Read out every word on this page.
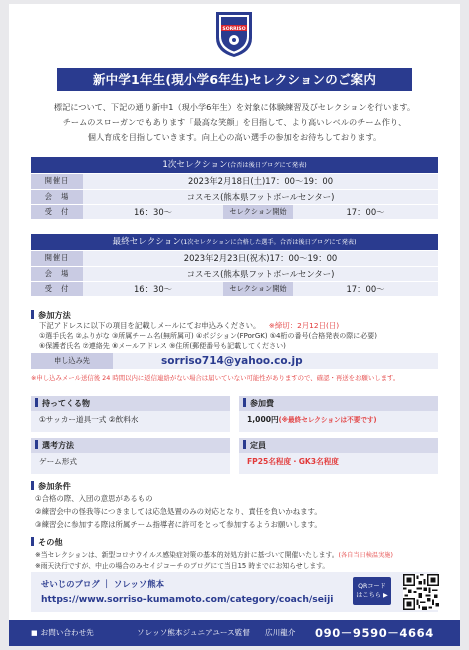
SORRISO
新中学1年生(現小学6年生)セレクションのご案内
標記について、下記の通り新中1（現小学6年生）を対象に体験練習及びセレクションを行います。
チームのスローガンでもあります「最高な笑顔」を目指して、より高いレベルのチーム作り、
個人育成を目指していきます。向上心の高い選手の参加をお待ちしております。
1次セレクション(合否は後日ブログにて発表)
開催日	2023年2月18日(土)17：00～19：00		
会　場	コスモス(熊本県フットボールセンター)		
受　付	16：30～	セレクション開始	17：00～
最終セレクション(1次セレクションに合格した選手。合否は後日ブログにて発表)
開催日	2023年2月23日(祝木)17：00～19：00		
会　場	コスモス(熊本県フットボールセンター)		
受　付	16：30～	セレクション開始	17：00～
参加方法
下記アドレスに以下の項目を記載しメールにてお申込みください。 ※締切：2月12日(日)
①選手氏名 ②ふりがな ③所属チーム名(無所属可) ④ポジション(FPorGK) ⑤4桁の番号(合格発表の際に必要)
⑥保護者氏名 ⑦連絡先 ⑧メールアドレス ⑨住所(郵便番号も記載してください)
申し込み先	sorriso714@yahoo.co.jp
※申し込みメール送信後 24 時間以内に返信連絡がない場合は届いていない可能性がありますので、確認・再送をお願いします。
持ってくる物
①サッカー道具一式 ②飲料水
参加費
1,000円(※最終セレクションは不要です)
選考方法
ゲーム形式
定員
FP25名程度・GK3名程度
参加条件
①合格の際、入団の意思があるもの
②練習会中の怪我等につきましては応急処置のみの対応となり、責任を負いかねます。
③練習会に参加する際は所属チーム指導者に許可をとって参加するようお願いします。
その他
※当セレクションは、新型コロナウイルス感染症対策の基本的対処方針に基づいて開催いたします。(各自当日検温実施)
※雨天決行ですが、中止の場合のみセイジコーチのブログにて当日15 時までにお知らせします。
せいじのブログ ｜ ソレッソ熊本
https://www.sorriso-kumamoto.com/category/coach/seiji
QRコード
はこちら ▶
■ お問い合わせ先	ソレッソ熊本ジュニアユース監督 広川龍介 090－9590－4664
